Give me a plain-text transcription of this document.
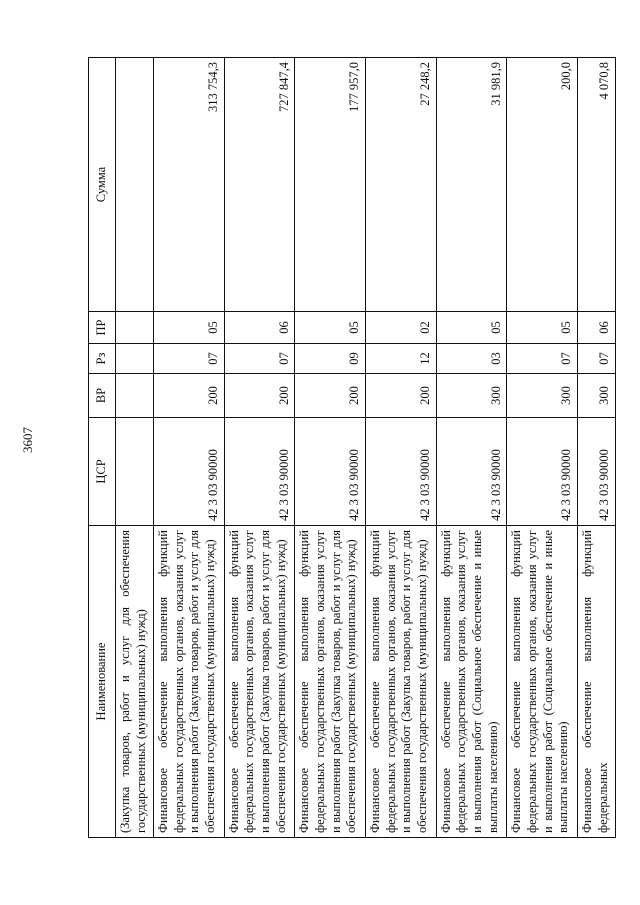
3607
Наименование	ЦСР	ВР	Рз	ПР	Сумма
(Закупка товаров, работ и услуг для обеспечения государственных (муниципальных) нужд)					
Финансовое обеспечение выполнения функций федеральных государственных органов, оказания услуг и выполнения работ (Закупка товаров, работ и услуг для обеспечения государственных (муниципальных) нужд)	42 3 03 90000	200	07	05	313 754,3
Финансовое обеспечение выполнения функций федеральных государственных органов, оказания услуг и выполнения работ (Закупка товаров, работ и услуг для обеспечения государственных (муниципальных) нужд)	42 3 03 90000	200	07	06	727 847,4
Финансовое обеспечение выполнения функций федеральных государственных органов, оказания услуг и выполнения работ (Закупка товаров, работ и услуг для обеспечения государственных (муниципальных) нужд)	42 3 03 90000	200	09	05	177 957,0
Финансовое обеспечение выполнения функций федеральных государственных органов, оказания услуг и выполнения работ (Закупка товаров, работ и услуг для обеспечения государственных (муниципальных) нужд)	42 3 03 90000	200	12	02	27 248,2
Финансовое обеспечение выполнения функций федеральных государственных органов, оказания услуг и выполнения работ (Социальное обеспечение и иные выплаты населению)	42 3 03 90000	300	03	05	31 981,9
Финансовое обеспечение выполнения функций федеральных государственных органов, оказания услуг и выполнения работ (Социальное обеспечение и иные выплаты населению)	42 3 03 90000	300	07	05	200,0
Финансовое обеспечение выполнения функций федеральных	42 3 03 90000	300	07	06	4 070,8
